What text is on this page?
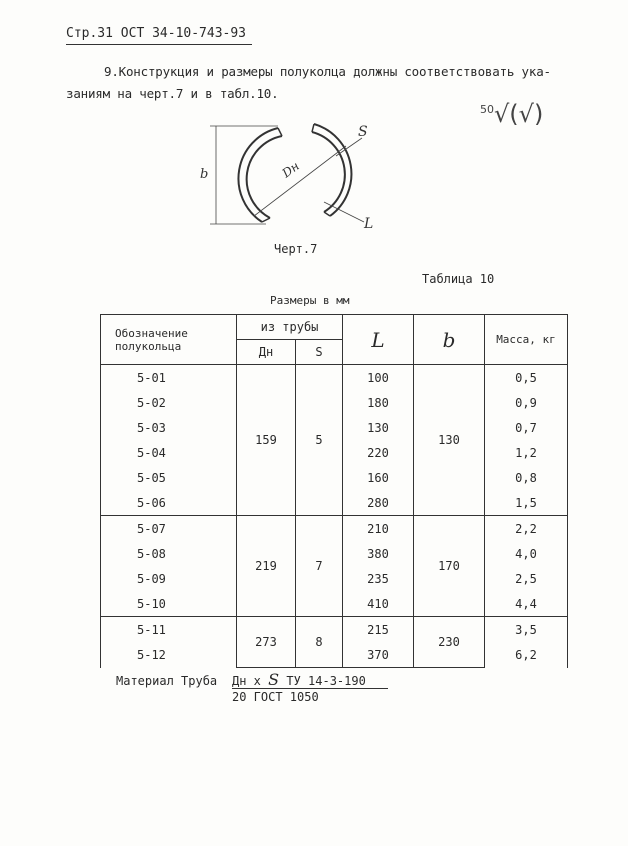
Стр.31 ОСТ 34-10-743-93
9.Конструкция и размеры полуколца должны соответствовать ука-
заниям на черт.7 и в табл.10.
$^{50}$√(√)
b	Dн
S
L
Черт.7
Таблица 10
Размеры в мм
Обозначение полукольца	из трубы		L	b	Масса, кг
	Дн	S			
5-01	159	5	100	130	0,5
5-02			180		0,9
5-03			130		0,7
5-04			220		1,2
5-05			160		0,8
5-06			280		1,5
5-07	219	7	210	170	2,2
5-08			380		4,0
5-09			235		2,5
5-10			410		4,4
5-11	273	8	215	230	3,5
5-12			370		6,2
Материал Труба Дн х S ТУ 14-3-190
20 ГОСТ 1050
